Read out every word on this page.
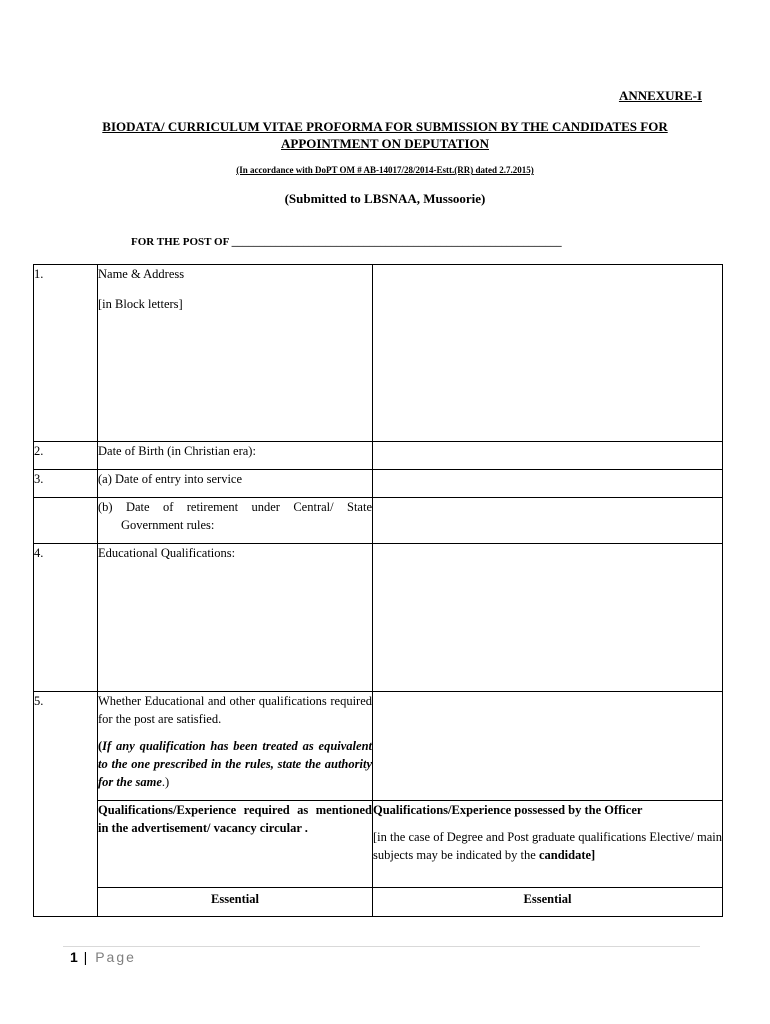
ANNEXURE-I
BIODATA/ CURRICULUM VITAE PROFORMA FOR SUBMISSION BY THE CANDIDATES FOR
APPOINTMENT ON DEPUTATION
(In accordance with DoPT OM # AB-14017/28/2014-Estt.(RR) dated 2.7.2015)
(Submitted to LBSNAA, Mussoorie)
FOR THE POST OF ____________________________________________________________
1.	Name & Address
[in Block letters]	

2.	Date of Birth (in Christian era):	
3.	(a) Date of entry into service	

	(b) Date of retirement under Central/ State Government rules:	

4.	Educational Qualifications:	
5.	Whether Educational and other qualifications required for the post are satisfied.
(If any qualification has been treated as equivalent to the one prescribed in the rules, state the authority for the same.)	

	Qualifications/Experience required as mentioned in the advertisement/ vacancy circular .	Qualifications/Experience possessed by the Officer
[in the case of Degree and Post graduate qualifications Elective/ main subjects may be indicated by the candidate]

	Essential	Essential
1 | Page
